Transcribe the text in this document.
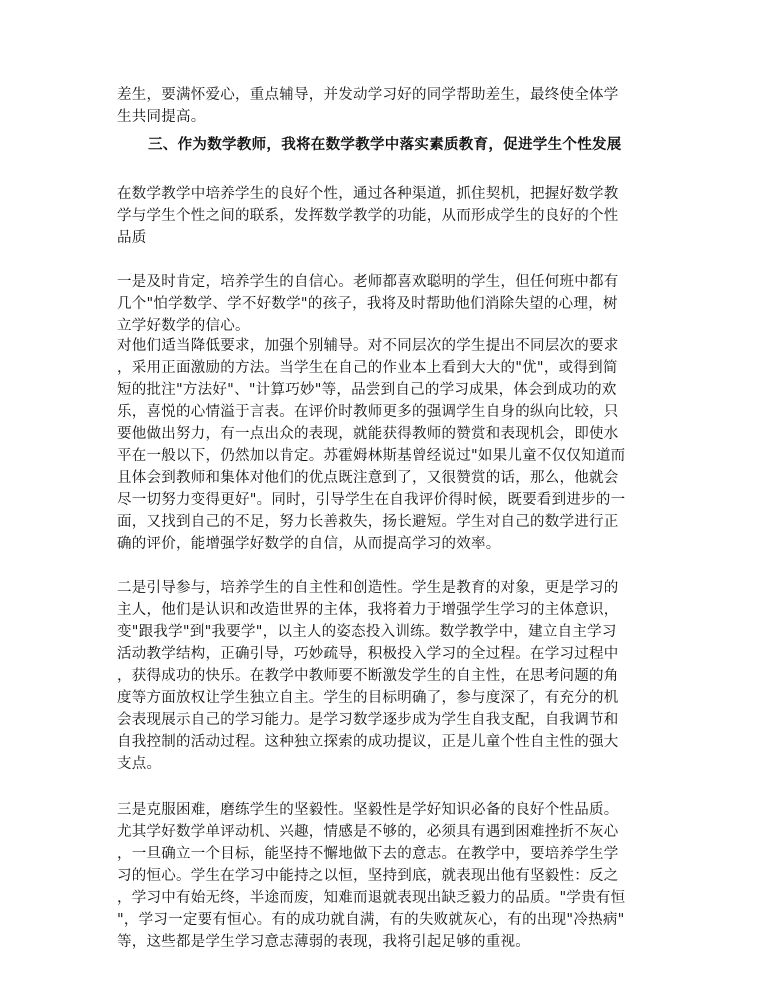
差生，要满怀爱心，重点辅导，并发动学习好的同学帮助差生，最终使全体学
生共同提高。
三、作为数学教师，我将在数学教学中落实素质教育，促进学生个性发展
在数学教学中培养学生的良好个性，通过各种渠道，抓住契机，把握好数学教
学与学生个性之间的联系，发挥数学教学的功能，从而形成学生的良好的个性
品质
一是及时肯定，培养学生的自信心。老师都喜欢聪明的学生，但任何班中都有
几个"怕学数学、学不好数学"的孩子，我将及时帮助他们消除失望的心理，树
立学好数学的信心。
对他们适当降低要求，加强个别辅导。对不同层次的学生提出不同层次的要求
，采用正面激励的方法。当学生在自己的作业本上看到大大的"优"，或得到简
短的批注"方法好"、"计算巧妙"等，品尝到自己的学习成果，体会到成功的欢
乐，喜悦的心情溢于言表。在评价时教师更多的强调学生自身的纵向比较，只
要他做出努力，有一点出众的表现，就能获得教师的赞赏和表现机会，即使水
平在一般以下，仍然加以肯定。苏霍姆林斯基曾经说过"如果儿童不仅仅知道而
且体会到教师和集体对他们的优点既注意到了，又很赞赏的话，那么，他就会
尽一切努力变得更好"。同时，引导学生在自我评价得时候，既要看到进步的一
面，又找到自己的不足，努力长善救失，扬长避短。学生对自己的数学进行正
确的评价，能增强学好数学的自信，从而提高学习的效率。
二是引导参与，培养学生的自主性和创造性。学生是教育的对象，更是学习的
主人，他们是认识和改造世界的主体，我将着力于增强学生学习的主体意识，
变"跟我学"到"我要学"，以主人的姿态投入训练。数学教学中，建立自主学习
活动教学结构，正确引导，巧妙疏导，积极投入学习的全过程。在学习过程中
，获得成功的快乐。在教学中教师要不断激发学生的自主性，在思考问题的角
度等方面放权让学生独立自主。学生的目标明确了，参与度深了，有充分的机
会表现展示自己的学习能力。是学习数学逐步成为学生自我支配，自我调节和
自我控制的活动过程。这种独立探索的成功提议，正是儿童个性自主性的强大
支点。
三是克服困难，磨练学生的坚毅性。坚毅性是学好知识必备的良好个性品质。
尤其学好数学单评动机、兴趣，情感是不够的，必须具有遇到困难挫折不灰心
，一旦确立一个目标，能坚持不懈地做下去的意志。在教学中，要培养学生学
习的恒心。学生在学习中能持之以恒，坚持到底，就表现出他有坚毅性：反之
，学习中有始无终，半途而废，知难而退就表现出缺乏毅力的品质。"学贵有恒
"，学习一定要有恒心。有的成功就自满，有的失败就灰心，有的出现"冷热病"
等，这些都是学生学习意志薄弱的表现，我将引起足够的重视。
